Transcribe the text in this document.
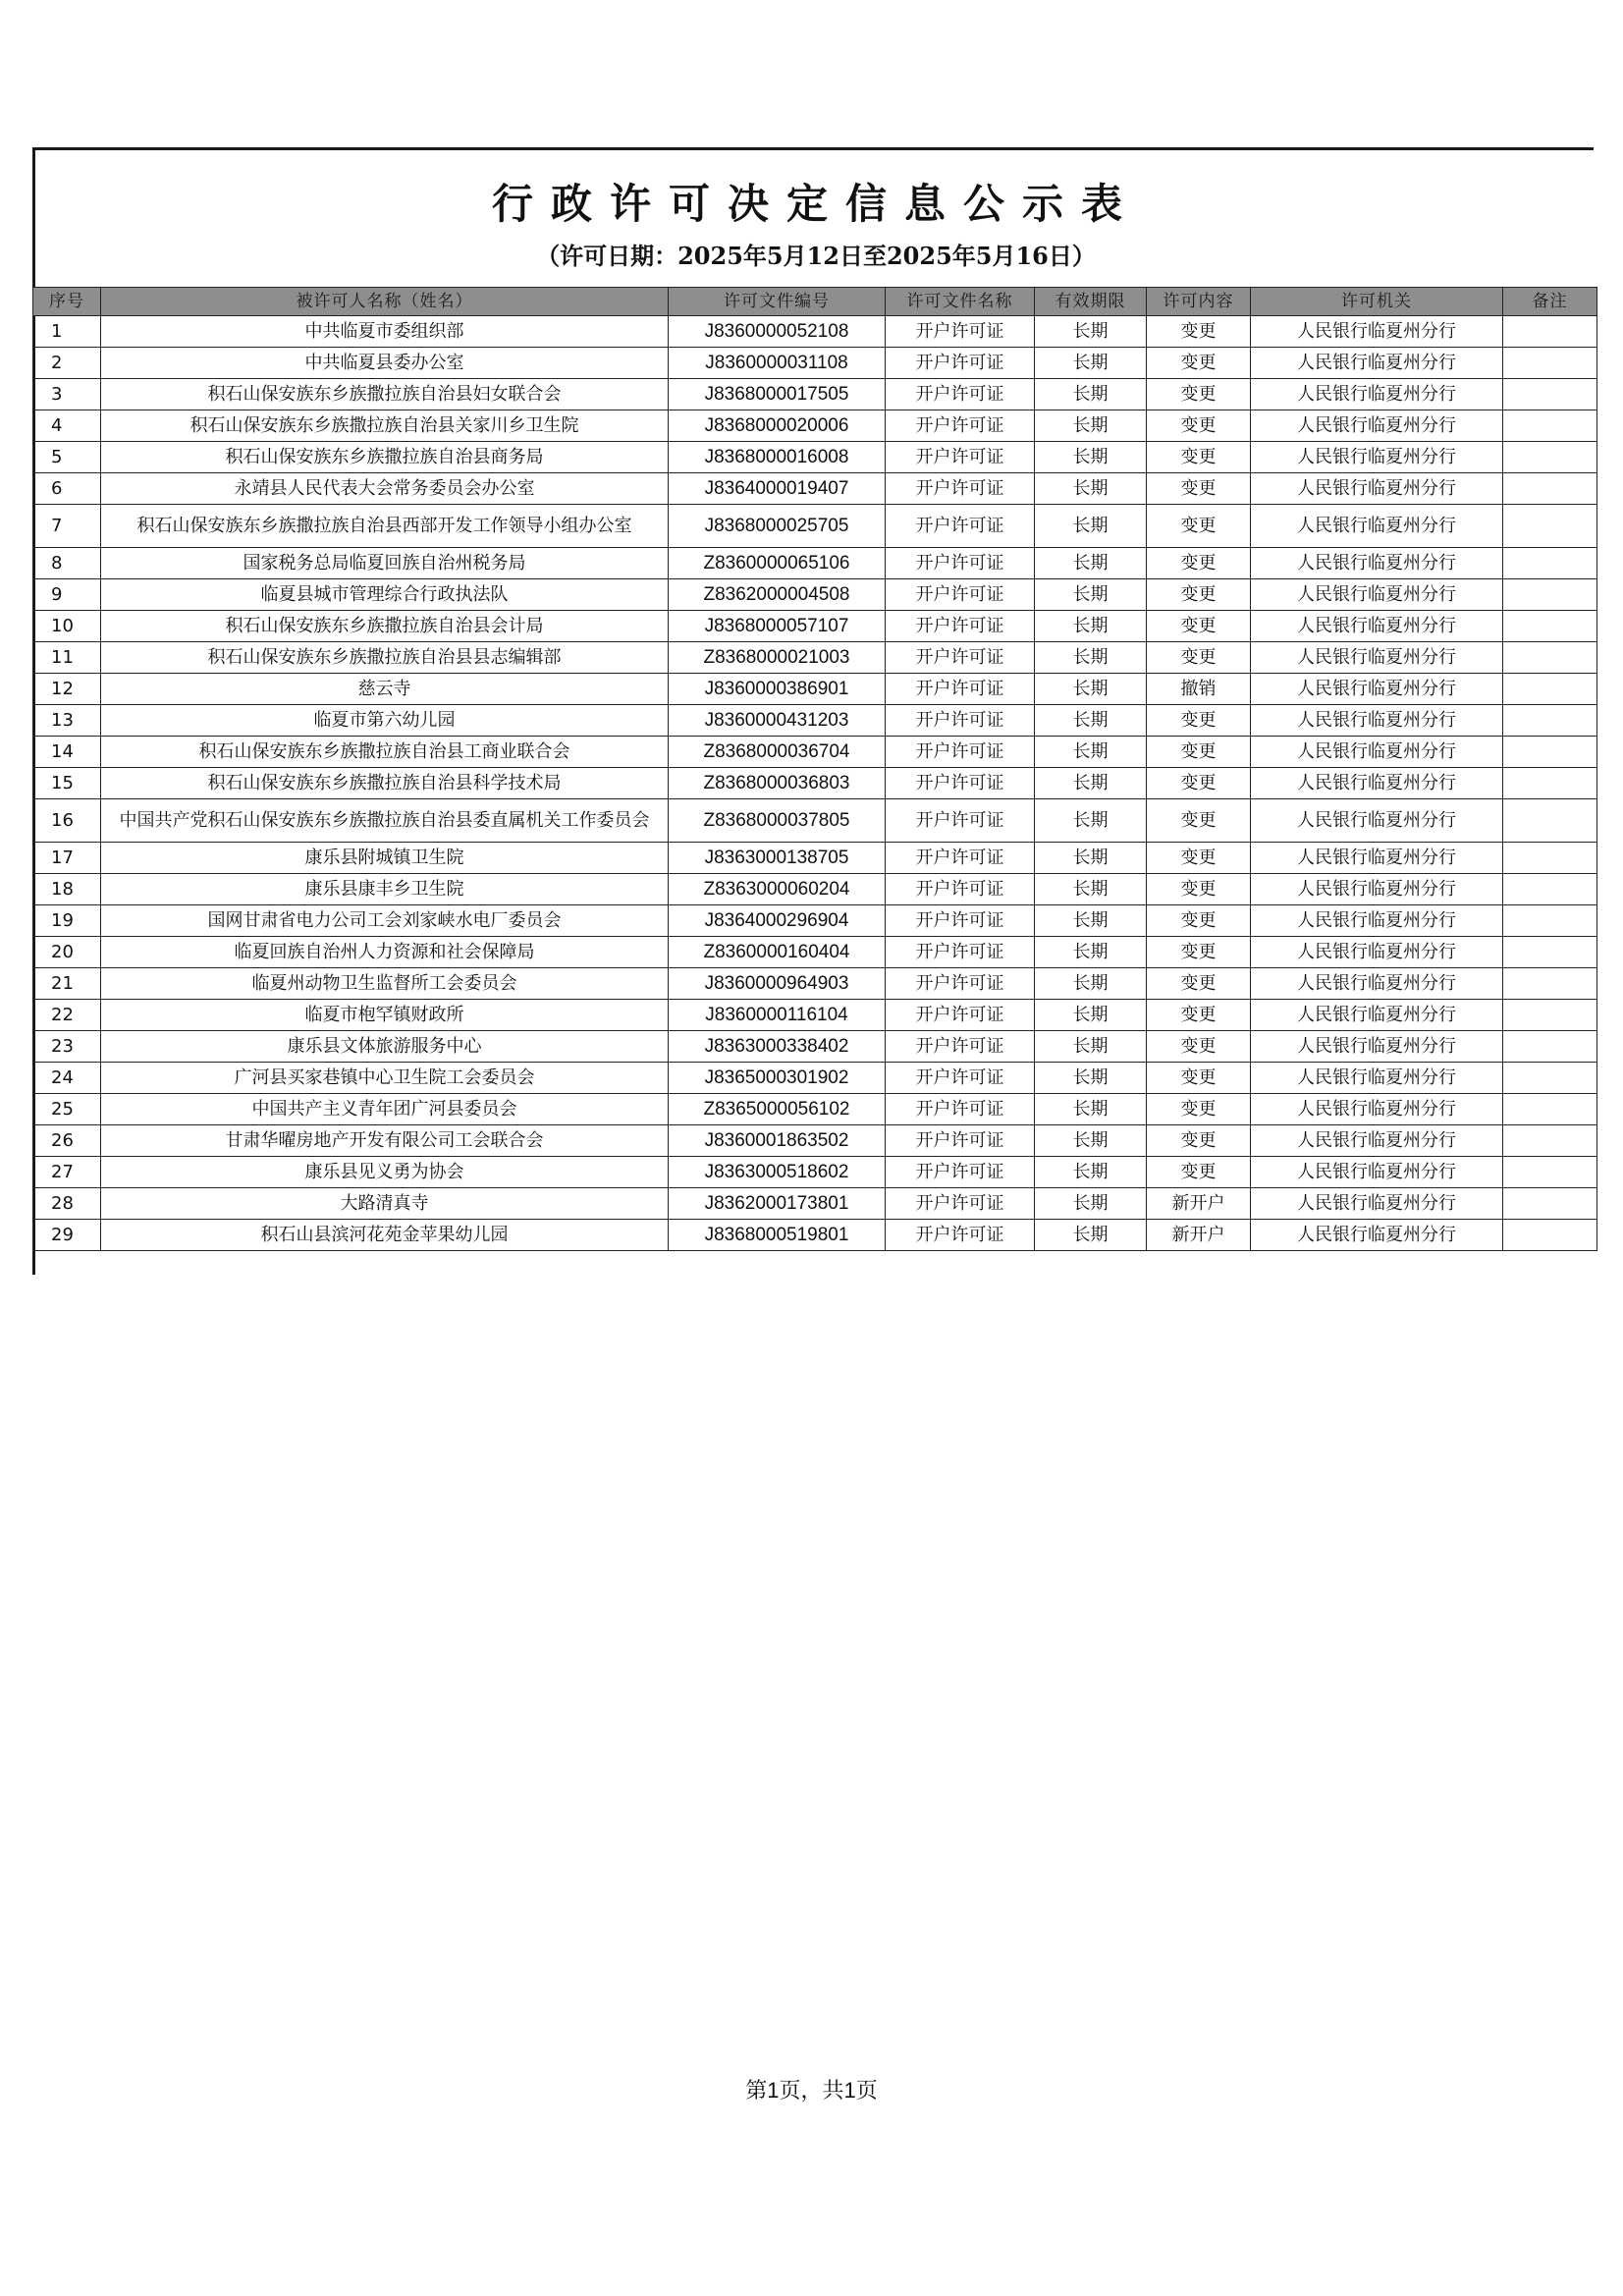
行政许可决定信息公示表
（许可日期：2025年5月12日至2025年5月16日）
序号	被许可人名称（姓名）	许可文件编号	许可文件名称	有效期限	许可内容	许可机关	备注
1	中共临夏市委组织部	J8360000052108	开户许可证	长期	变更	人民银行临夏州分行	
2	中共临夏县委办公室	J8360000031108	开户许可证	长期	变更	人民银行临夏州分行	
3	积石山保安族东乡族撒拉族自治县妇女联合会	J8368000017505	开户许可证	长期	变更	人民银行临夏州分行	
4	积石山保安族东乡族撒拉族自治县关家川乡卫生院	J8368000020006	开户许可证	长期	变更	人民银行临夏州分行	
5	积石山保安族东乡族撒拉族自治县商务局	J8368000016008	开户许可证	长期	变更	人民银行临夏州分行	
6	永靖县人民代表大会常务委员会办公室	J8364000019407	开户许可证	长期	变更	人民银行临夏州分行	
7	积石山保安族东乡族撒拉族自治县西部开发工作领导小组办公室	J8368000025705	开户许可证	长期	变更	人民银行临夏州分行	
8	国家税务总局临夏回族自治州税务局	Z8360000065106	开户许可证	长期	变更	人民银行临夏州分行	
9	临夏县城市管理综合行政执法队	Z8362000004508	开户许可证	长期	变更	人民银行临夏州分行	
10	积石山保安族东乡族撒拉族自治县会计局	J8368000057107	开户许可证	长期	变更	人民银行临夏州分行	
11	积石山保安族东乡族撒拉族自治县县志编辑部	Z8368000021003	开户许可证	长期	变更	人民银行临夏州分行	
12	慈云寺	J8360000386901	开户许可证	长期	撤销	人民银行临夏州分行	
13	临夏市第六幼儿园	J8360000431203	开户许可证	长期	变更	人民银行临夏州分行	
14	积石山保安族东乡族撒拉族自治县工商业联合会	Z8368000036704	开户许可证	长期	变更	人民银行临夏州分行	
15	积石山保安族东乡族撒拉族自治县科学技术局	Z8368000036803	开户许可证	长期	变更	人民银行临夏州分行	
16	中国共产党积石山保安族东乡族撒拉族自治县委直属机关工作委员会	Z8368000037805	开户许可证	长期	变更	人民银行临夏州分行	
17	康乐县附城镇卫生院	J8363000138705	开户许可证	长期	变更	人民银行临夏州分行	
18	康乐县康丰乡卫生院	Z8363000060204	开户许可证	长期	变更	人民银行临夏州分行	
19	国网甘肃省电力公司工会刘家峡水电厂委员会	J8364000296904	开户许可证	长期	变更	人民银行临夏州分行	
20	临夏回族自治州人力资源和社会保障局	Z8360000160404	开户许可证	长期	变更	人民银行临夏州分行	
21	临夏州动物卫生监督所工会委员会	J8360000964903	开户许可证	长期	变更	人民银行临夏州分行	
22	临夏市枹罕镇财政所	J8360000116104	开户许可证	长期	变更	人民银行临夏州分行	
23	康乐县文体旅游服务中心	J8363000338402	开户许可证	长期	变更	人民银行临夏州分行	
24	广河县买家巷镇中心卫生院工会委员会	J8365000301902	开户许可证	长期	变更	人民银行临夏州分行	
25	中国共产主义青年团广河县委员会	Z8365000056102	开户许可证	长期	变更	人民银行临夏州分行	
26	甘肃华曜房地产开发有限公司工会联合会	J8360001863502	开户许可证	长期	变更	人民银行临夏州分行	
27	康乐县见义勇为协会	J8363000518602	开户许可证	长期	变更	人民银行临夏州分行	
28	大路清真寺	J8362000173801	开户许可证	长期	新开户	人民银行临夏州分行	
29	积石山县滨河花苑金苹果幼儿园	J8368000519801	开户许可证	长期	新开户	人民银行临夏州分行	
第1页，共1页
